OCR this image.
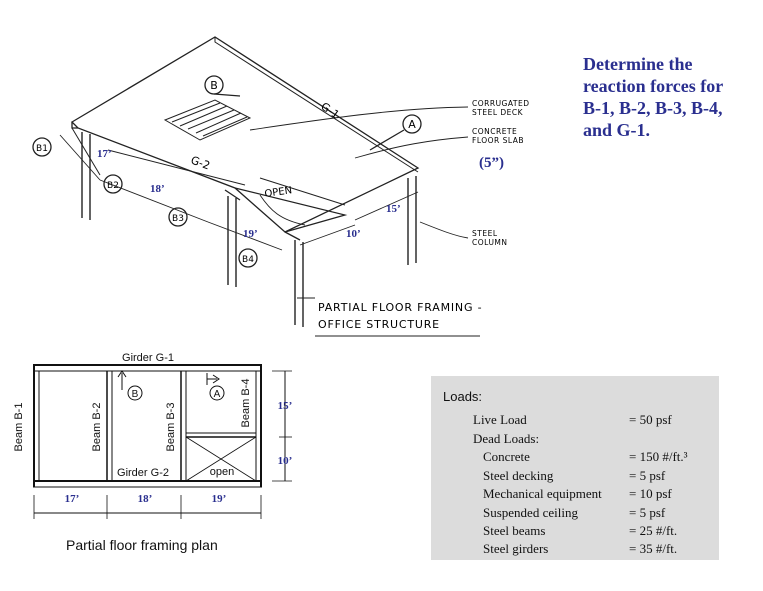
B
A
B1
B2
B3
B4
G-1
G-2
OPEN
CORRUGATED STEEL DECK
CONCRETE FLOOR SLAB
STEEL COLUMN
(5”)
17’
18’
19’	10’
15’
PARTIAL FLOOR FRAMING - OFFICE STRUCTURE
Determine the
reaction forces for
B-1, B-2, B-3, B-4,
and G-1.
Girder G-1
Girder G-2	open
Beam B-1	Beam B-2	Beam B-3	Beam B-4
B	A
17’	18’	19’
15’
10’
Partial floor framing plan
Loads:
Live Load	= 50 psf
Dead Loads:
Concrete	= 150 #/ft.³
Steel decking	= 5 psf
Mechanical equipment = 10 psf
Suspended ceiling	= 5 psf
Steel beams	= 25 #/ft.
Steel girders	= 35 #/ft.
